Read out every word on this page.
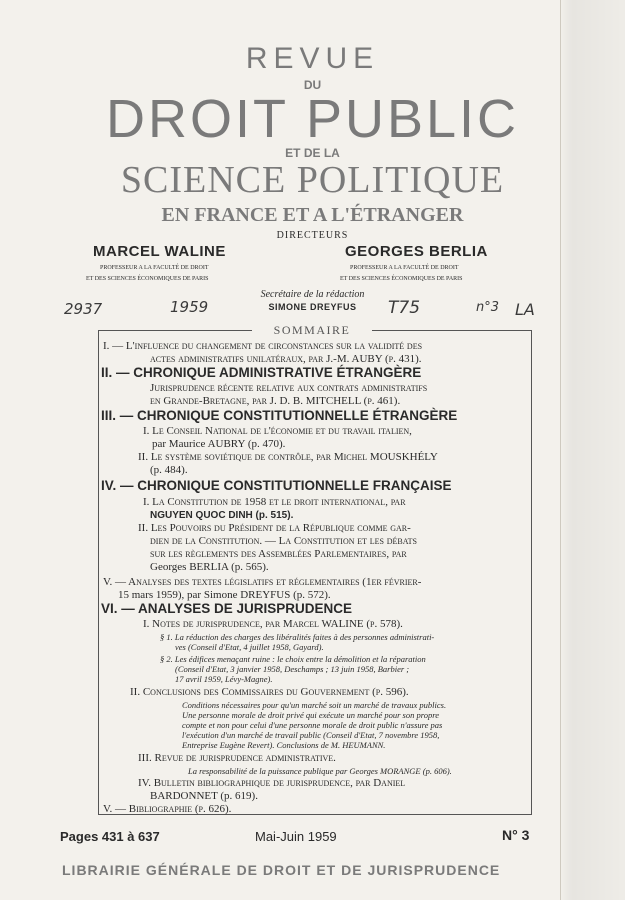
REVUE
DU
DROIT PUBLIC
ET DE LA
SCIENCE POLITIQUE
EN FRANCE ET A L'ÉTRANGER
DIRECTEURS
MARCEL WALINE
PROFESSEUR A LA FACULTÉ DE DROIT
ET DES SCIENCES ÉCONOMIQUES DE PARIS
GEORGES BERLIA
PROFESSEUR A LA FACULTÉ DE DROIT
ET DES SCIENCES ÉCONOMIQUES DE PARIS
Secrétaire de la rédaction
SIMONE DREYFUS
2937	1959	T75	n°3 LA
SOMMAIRE
I. — L'influence du changement de circonstances sur la validité des
actes administratifs unilatéraux, par J.-M. AUBY (p. 431).
II. — CHRONIQUE ADMINISTRATIVE ÉTRANGÈRE
Jurisprudence récente relative aux contrats administratifs
en Grande-Bretagne, par J. D. B. MITCHELL (p. 461).
III. — CHRONIQUE CONSTITUTIONNELLE ÉTRANGÈRE
I. Le Conseil National de l'économie et du travail italien,
par Maurice AUBRY (p. 470).
II. Le système soviétique de contrôle, par Michel MOUSKHÉLY
(p. 484).
IV. — CHRONIQUE CONSTITUTIONNELLE FRANÇAISE
I. La Constitution de 1958 et le droit international, par
NGUYEN QUOC DINH (p. 515).
II. Les Pouvoirs du Président de la République comme gar-
dien de la Constitution. — La Constitution et les débats
sur les règlements des Assemblées Parlementaires, par
Georges BERLIA (p. 565).
V. — Analyses des textes législatifs et réglementaires (1er février-
15 mars 1959), par Simone DREYFUS (p. 572).
VI. — ANALYSES DE JURISPRUDENCE
I. Notes de jurisprudence, par Marcel WALINE (p. 578).
§ 1. La réduction des charges des libéralités faites à des personnes administrati-
ves (Conseil d'Etat, 4 juillet 1958, Gayard).
§ 2. Les édifices menaçant ruine : le choix entre la démolition et la réparation
(Conseil d'Etat, 3 janvier 1958, Deschamps ; 13 juin 1958, Barbier ;
17 avril 1959, Lévy-Magne).
II. Conclusions des Commissaires du Gouvernement (p. 596).
Conditions nécessaires pour qu'un marché soit un marché de travaux publics.
Une personne morale de droit privé qui exécute un marché pour son propre
compte et non pour celui d'une personne morale de droit public n'assure pas
l'exécution d'un marché de travail public (Conseil d'Etat, 7 novembre 1958,
Entreprise Eugène Revert). Conclusions de M. HEUMANN.
III. Revue de jurisprudence administrative.
La responsabilité de la puissance publique par Georges MORANGE (p. 606).
IV. Bulletin bibliographique de jurisprudence, par Daniel
BARDONNET (p. 619).
V. — Bibliographie (p. 626).
Pages 431 à 637	Mai-Juin 1959	N° 3
LIBRAIRIE GÉNÉRALE DE DROIT ET DE JURISPRUDENCE
